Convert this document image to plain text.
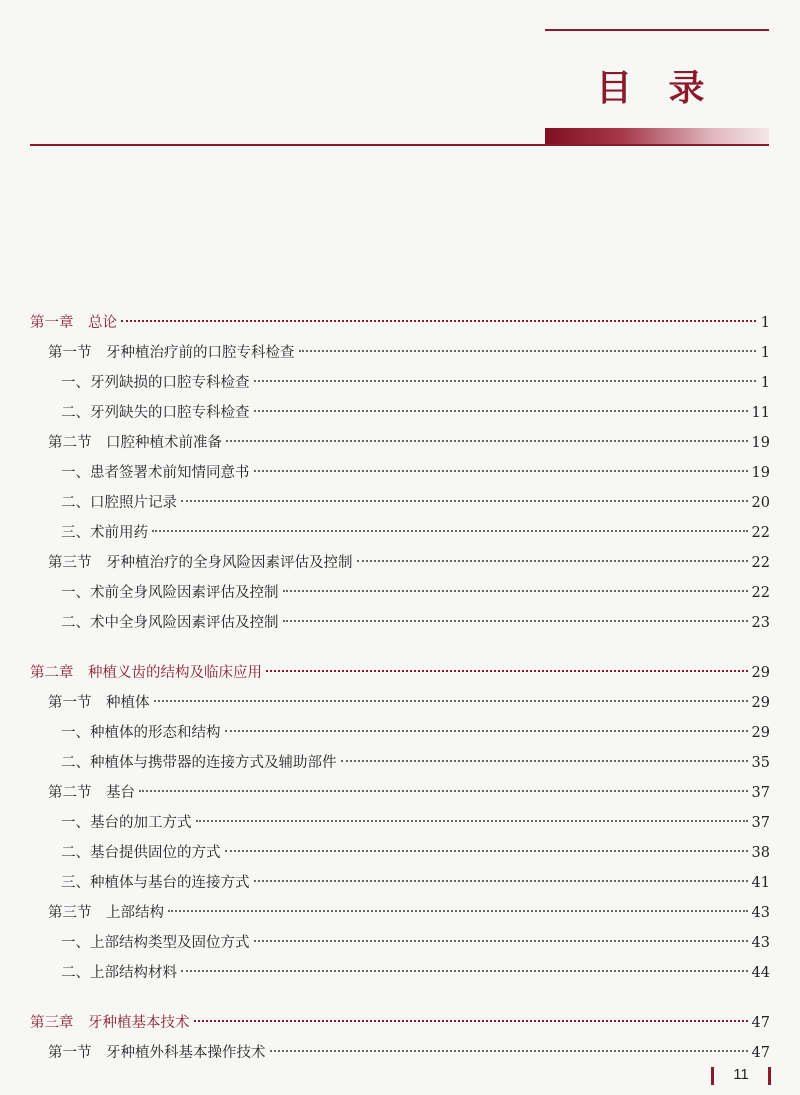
目 录
第一章　总论	1
第一节　牙种植治疗前的口腔专科检查	1
一、牙列缺损的口腔专科检查	1
二、牙列缺失的口腔专科检查	11
第二节　口腔种植术前准备	19
一、患者签署术前知情同意书	19
二、口腔照片记录	20
三、术前用药	22
第三节　牙种植治疗的全身风险因素评估及控制	22
一、术前全身风险因素评估及控制	22
二、术中全身风险因素评估及控制	23
第二章　种植义齿的结构及临床应用	29
第一节　种植体	29
一、种植体的形态和结构	29
二、种植体与携带器的连接方式及辅助部件	35
第二节　基台	37
一、基台的加工方式	37
二、基台提供固位的方式	38
三、种植体与基台的连接方式	41
第三节　上部结构	43
一、上部结构类型及固位方式	43
二、上部结构材料	44
第三章　牙种植基本技术	47
第一节　牙种植外科基本操作技术	47
11
